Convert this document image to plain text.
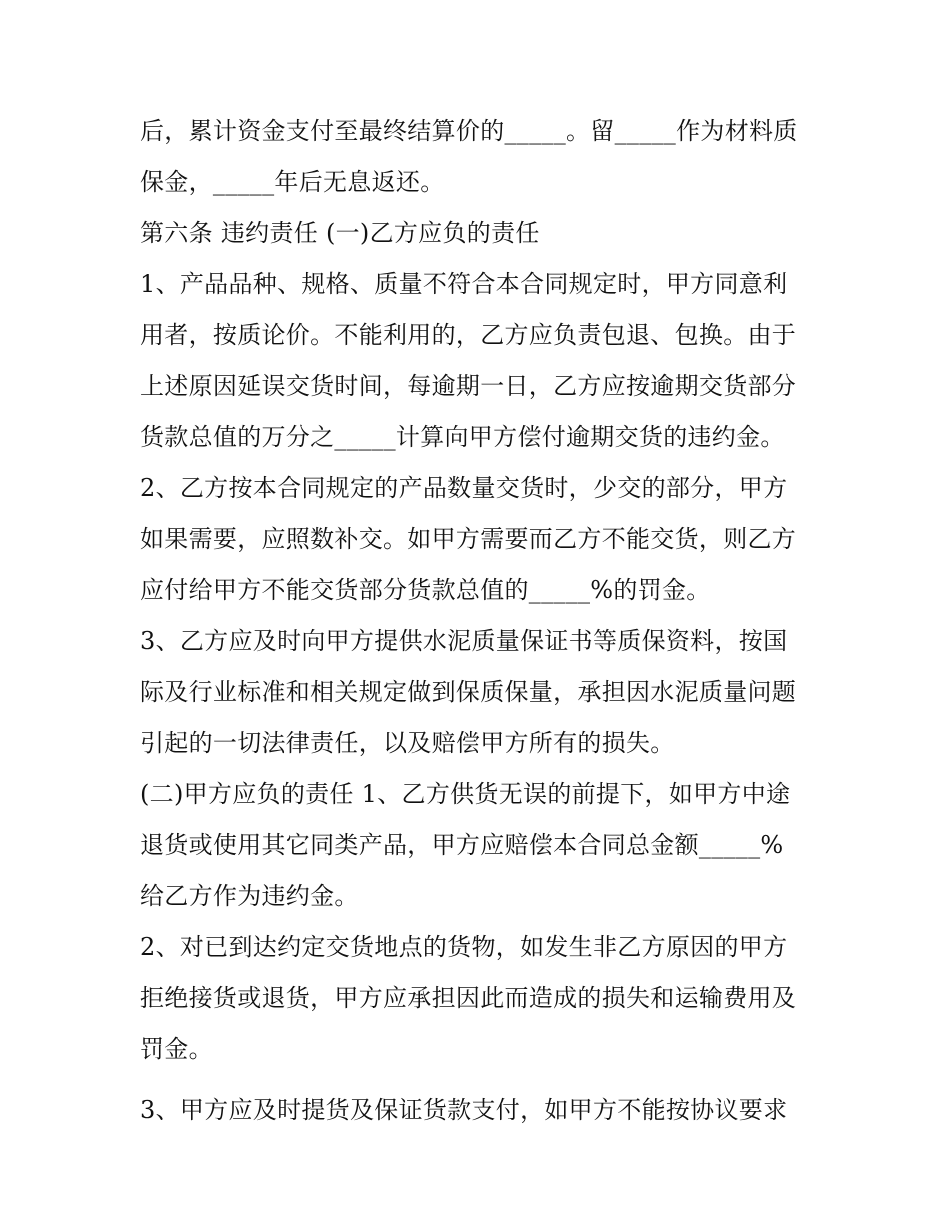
后，累计资金支付至最终结算价的_____。留_____作为材料质
保金，_____年后无息返还。
第六条 违约责任 (一)乙方应负的责任
1、产品品种、规格、质量不符合本合同规定时，甲方同意利
用者，按质论价。不能利用的，乙方应负责包退、包换。由于
上述原因延误交货时间，每逾期一日，乙方应按逾期交货部分
货款总值的万分之_____计算向甲方偿付逾期交货的违约金。
2、乙方按本合同规定的产品数量交货时，少交的部分，甲方
如果需要，应照数补交。如甲方需要而乙方不能交货，则乙方
应付给甲方不能交货部分货款总值的_____%的罚金。
3、乙方应及时向甲方提供水泥质量保证书等质保资料，按国
际及行业标准和相关规定做到保质保量，承担因水泥质量问题
引起的一切法律责任，以及赔偿甲方所有的损失。
(二)甲方应负的责任 1、乙方供货无误的前提下，如甲方中途
退货或使用其它同类产品，甲方应赔偿本合同总金额_____%
给乙方作为违约金。
2、对已到达约定交货地点的货物，如发生非乙方原因的甲方
拒绝接货或退货，甲方应承担因此而造成的损失和运输费用及
罚金。
3、甲方应及时提货及保证货款支付，如甲方不能按协议要求
